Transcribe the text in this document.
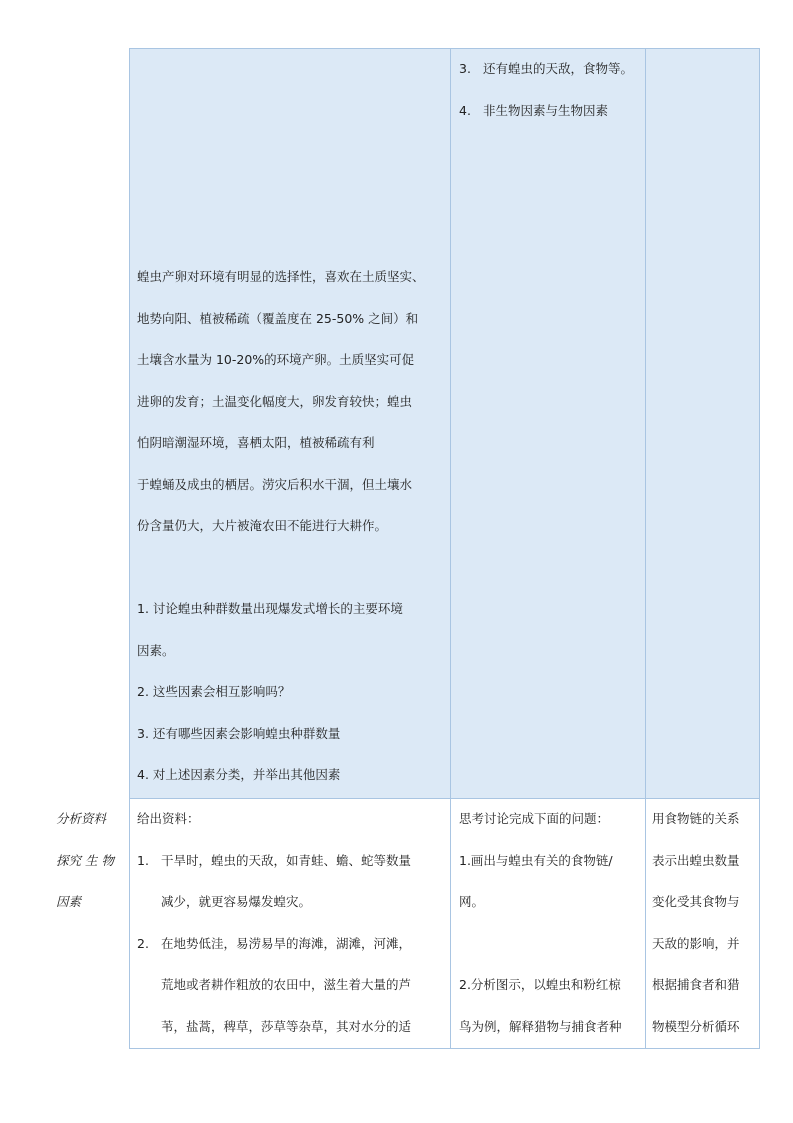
蝗虫产卵对环境有明显的选择性，喜欢在土质坚实、
地势向阳、植被稀疏（覆盖度在 25-50% 之间）和
土壤含水量为 10-20%的环境产卵。土质坚实可促
进卵的发育；土温变化幅度大，卵发育较快；蝗虫
怕阴暗潮湿环境，喜栖太阳，植被稀疏有利
于蝗蛹及成虫的栖居。涝灾后积水干涸，但土壤水
份含量仍大，大片被淹农田不能进行大耕作。
1. 讨论蝗虫种群数量出现爆发式增长的主要环境
因素。
2. 这些因素会相互影响吗？
3. 还有哪些因素会影响蝗虫种群数量
4. 对上述因素分类，并举出其他因素
3. 还有蝗虫的天敌，食物等。
4. 非生物因素与生物因素
分析资料
探究 生 物
因素
给出资料：
1. 干旱时，蝗虫的天敌，如青蛙、蟾、蛇等数量
减少，就更容易爆发蝗灾。
2. 在地势低洼，易涝易旱的海滩，湖滩，河滩，
荒地或者耕作粗放的农田中，滋生着大量的芦
苇，盐蒿，稗草，莎草等杂草，其对水分的适
思考讨论完成下面的问题：
1.画出与蝗虫有关的食物链/
网。
2.分析图示，以蝗虫和粉红椋
鸟为例，解释猎物与捕食者种
用食物链的关系
表示出蝗虫数量
变化受其食物与
天敌的影响，并
根据捕食者和猎
物模型分析循环
